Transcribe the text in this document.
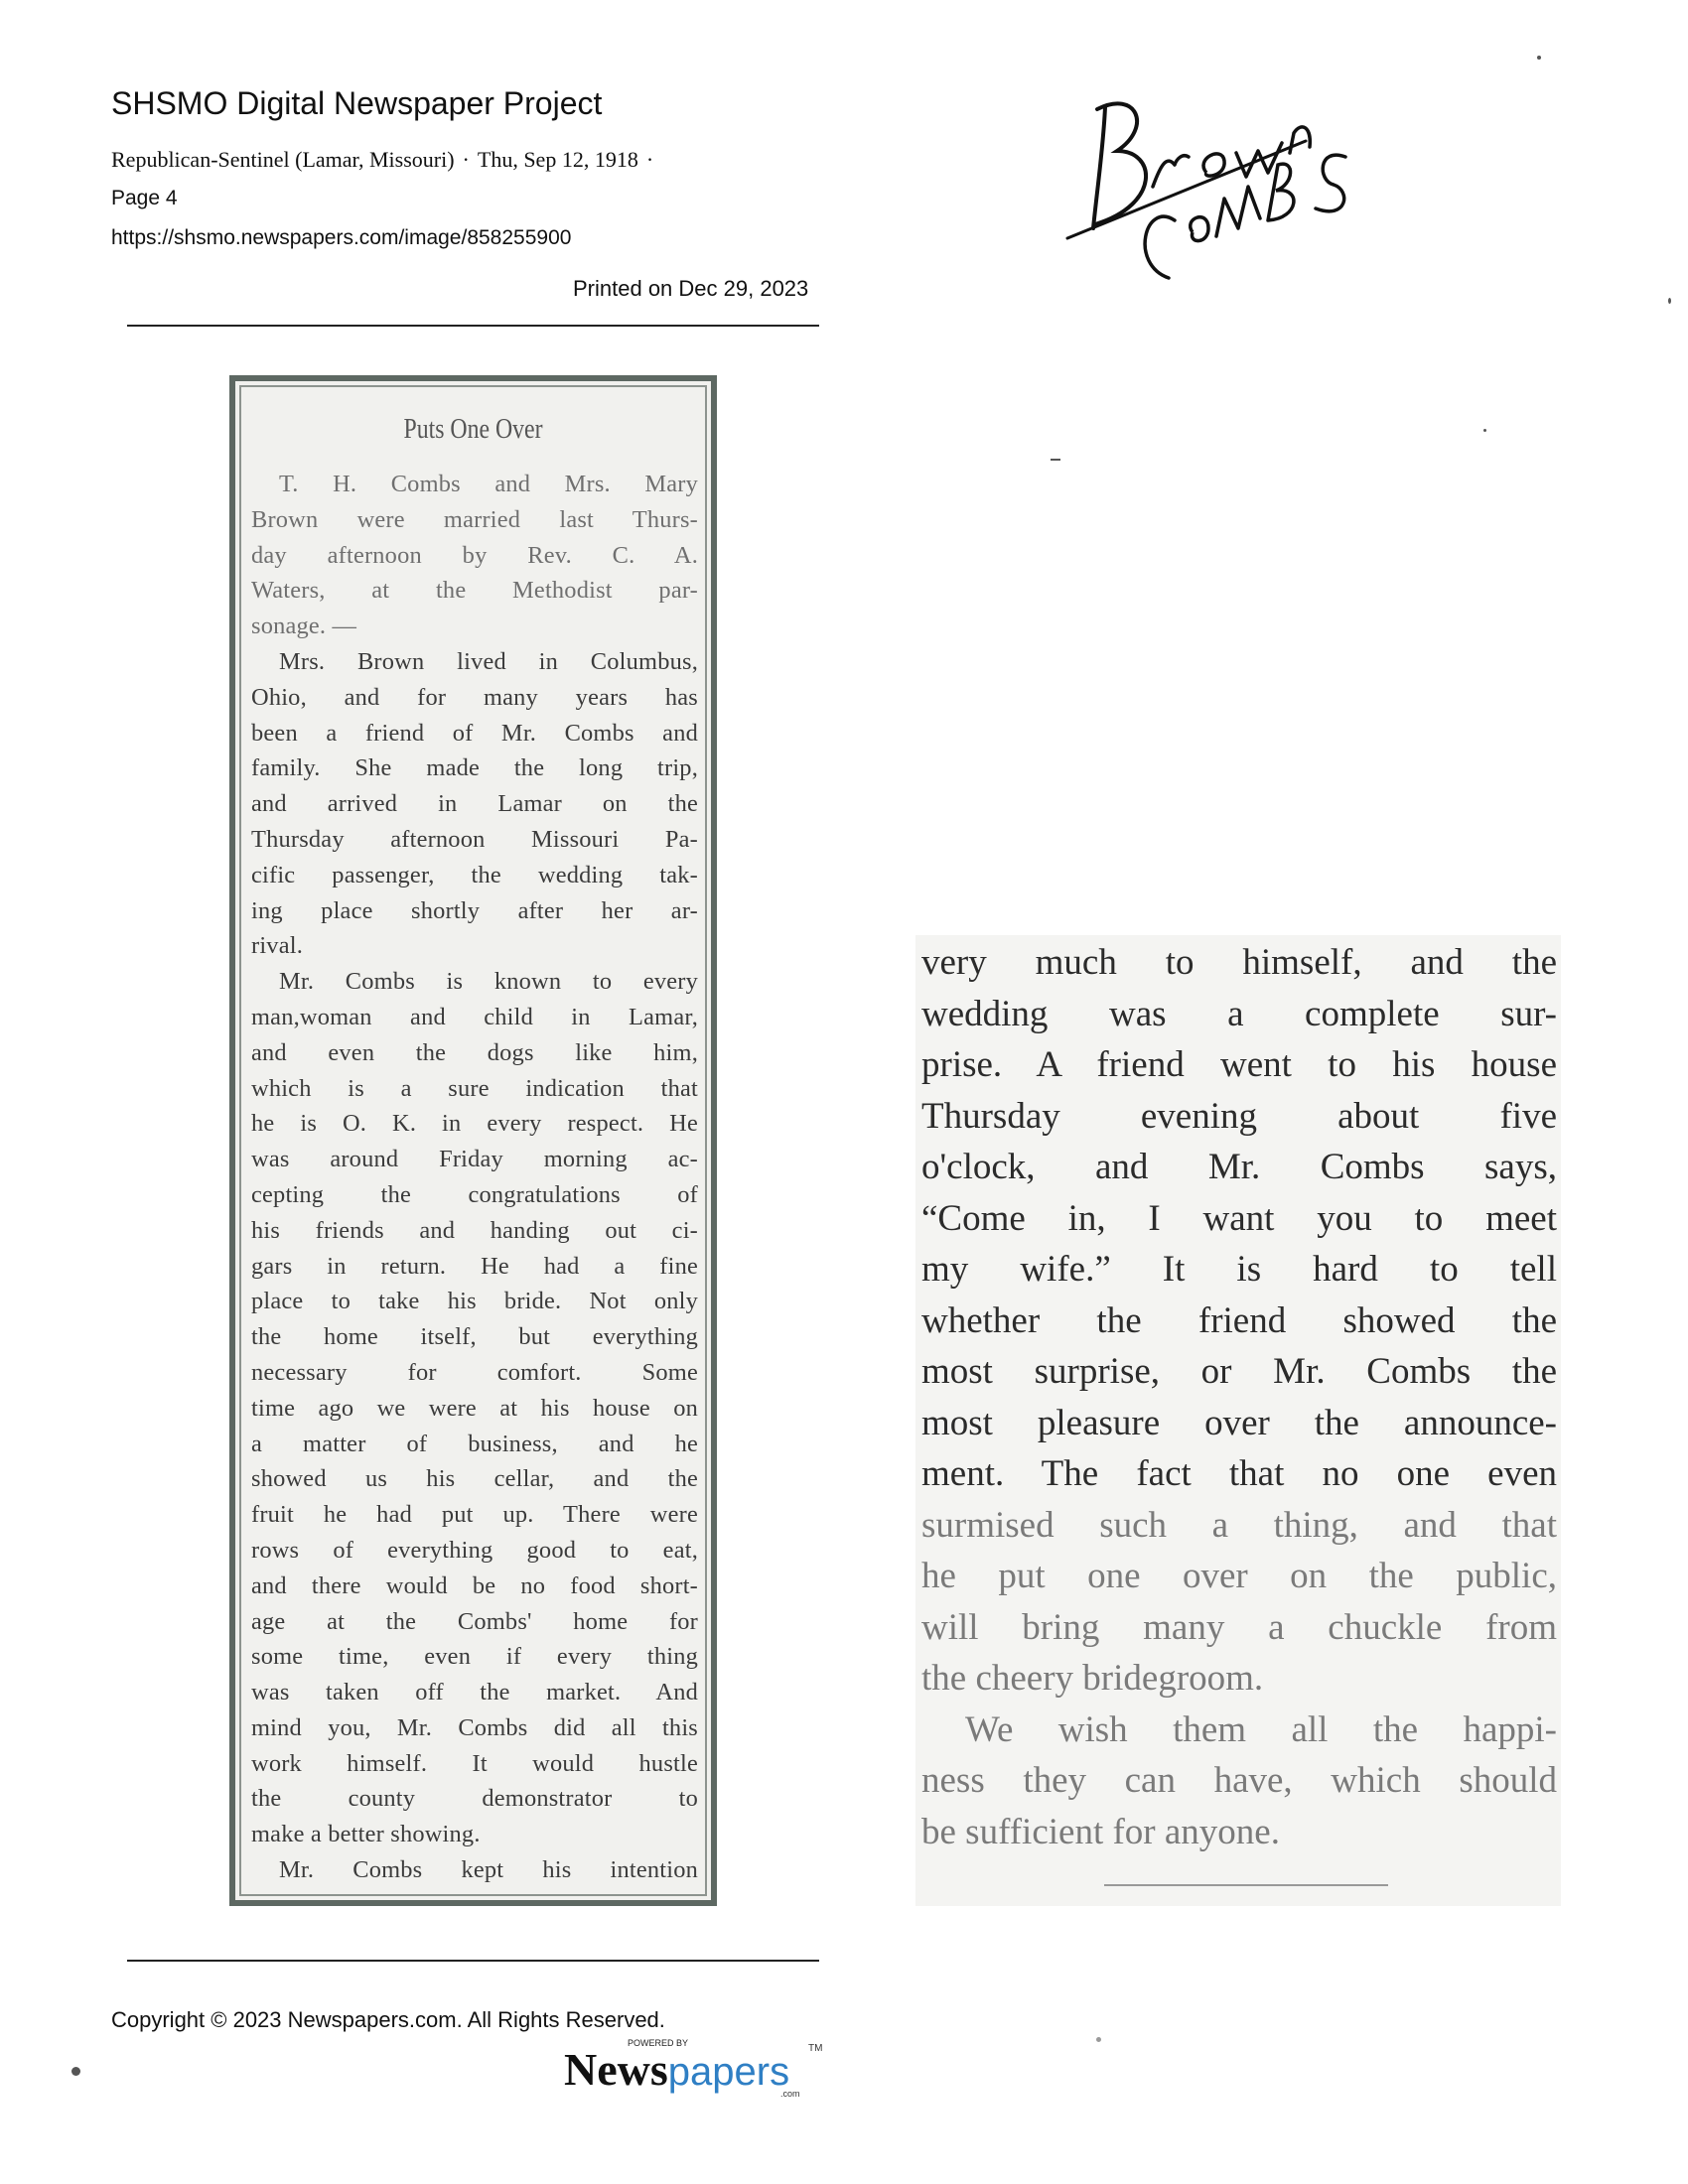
SHSMO Digital Newspaper Project
Republican-Sentinel (Lamar, Missouri) · Thu, Sep 12, 1918 ·
Page 4
https://shsmo.newspapers.com/image/858255900
Printed on Dec 29, 2023
Puts One Over
T. H. Combs and Mrs. Mary
Brown were married last Thurs-
day afternoon by Rev. C. A.
Waters, at the Methodist par-
sonage. —
Mrs. Brown lived in Columbus,
Ohio, and for many years has
been a friend of Mr. Combs and
family. She made the long trip,
and arrived in Lamar on the
Thursday afternoon Missouri Pa-
cific passenger, the wedding tak-
ing place shortly after her ar-
rival.
Mr. Combs is known to every
man,woman and child in Lamar,
and even the dogs like him,
which is a sure indication that
he is O. K. in every respect. He
was around Friday morning ac-
cepting the congratulations of
his friends and handing out ci-
gars in return. He had a fine
place to take his bride. Not only
the home itself, but everything
necessary for comfort. Some
time ago we were at his house on
a matter of business, and he
showed us his cellar, and the
fruit he had put up. There were
rows of everything good to eat,
and there would be no food short-
age at the Combs' home for
some time, even if every thing
was taken off the market. And
mind you, Mr. Combs did all this
work himself. It would hustle
the county demonstrator to
make a better showing.
Mr. Combs kept his intention
very much to himself, and the
wedding was a complete sur-
prise. A friend went to his house
Thursday evening about five
o'clock, and Mr. Combs says,
“Come in, I want you to meet
my wife.” It is hard to tell
whether the friend showed the
most surprise, or Mr. Combs the
most pleasure over the announce-
ment. The fact that no one even
surmised such a thing, and that
he put one over on the public,
will bring many a chuckle from
the cheery bridegroom.
We wish them all the happi-
ness they can have, which should
be sufficient for anyone.
Copyright © 2023 Newspapers.com. All Rights Reserved.
POWERED BY
Newspapers
TM
.com
